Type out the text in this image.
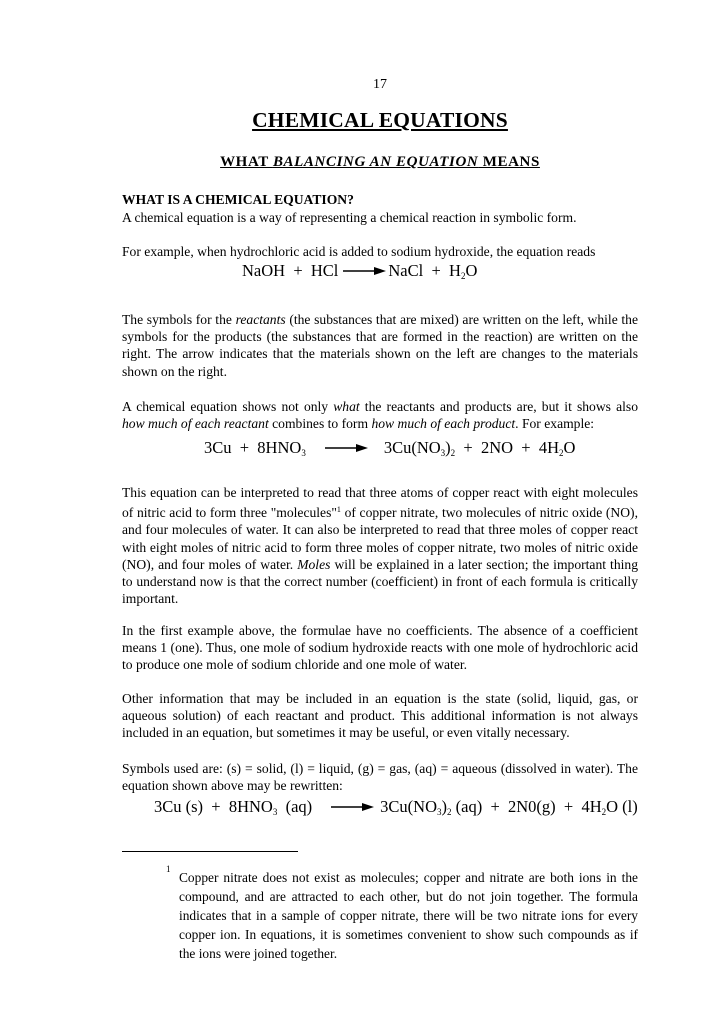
17
CHEMICAL EQUATIONS
WHAT BALANCING AN EQUATION MEANS
WHAT IS A CHEMICAL EQUATION?
A chemical equation is a way of representing a chemical reaction in symbolic form.
For example, when hydrochloric acid is added to sodium hydroxide, the equation reads
NaOH  +  HCl → NaCl  +  $H_2O$
The symbols for the reactants (the substances that are mixed) are written on the left, while the symbols for the products (the substances that are formed in the reaction) are written on the right. The arrow indicates that the materials shown on the left are changes to the materials shown on the right.
A chemical equation shows not only what the reactants and products are, but it shows also how much of each reactant combines to form how much of each product. For example:
$3Cu + 8HNO_3 \to 3Cu(NO_3)_2 + 2NO + 4H_2O$
This equation can be interpreted to read that three atoms of copper react with eight molecules of nitric acid to form three "molecules"$^1$ of copper nitrate, two molecules of nitric oxide (NO), and four molecules of water. It can also be interpreted to read that three moles of copper react with eight moles of nitric acid to form three moles of copper nitrate, two moles of nitric oxide (NO), and four moles of water. Moles will be explained in a later section; the important thing to understand now is that the correct number (coefficient) in front of each formula is critically important.
In the first example above, the formulae have no coefficients. The absence of a coefficient means 1 (one). Thus, one mole of sodium hydroxide reacts with one mole of hydrochloric acid to produce one mole of sodium chloride and one mole of water.
Other information that may be included in an equation is the state (solid, liquid, gas, or aqueous solution) of each reactant and product. This additional information is not always included in an equation, but sometimes it may be useful, or even vitally necessary.
Symbols used are: (s) = solid, (l) = liquid, (g) = gas, (aq) = aqueous (dissolved in water). The equation shown above may be rewritten:
3Cu $(s) + 8HNO_3$  $(aq) \to 3Cu(NO_3)_2$ $(aq) + 2N0(g) + 4H_2O$ (l)
1
Copper nitrate does not exist as molecules; copper and nitrate are both ions in the compound, and are attracted to each other, but do not join together. The formula indicates that in a sample of copper nitrate, there will be two nitrate ions for every copper ion. In equations, it is sometimes convenient to show such compounds as if the ions were joined together.
